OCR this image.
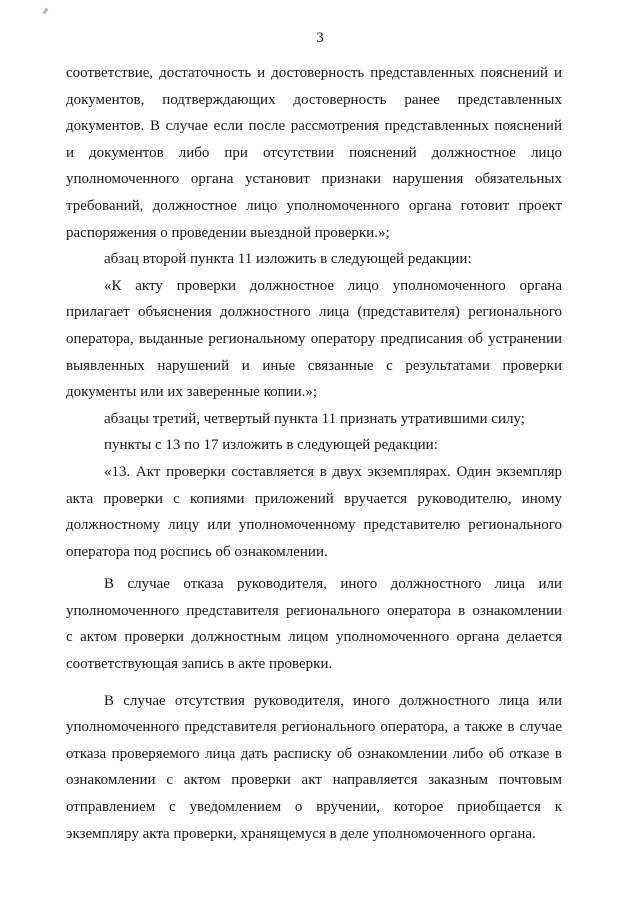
3
соответствие, достаточность и достоверность представленных пояснений и
документов, подтверждающих достоверность ранее представленных
документов. В случае если после рассмотрения представленных пояснений
и документов либо при отсутствии пояснений должностное лицо
уполномоченного органа установит признаки нарушения обязательных
требований, должностное лицо уполномоченного органа готовит проект
распоряжения о проведении выездной проверки.»;
абзац второй пункта 11 изложить в следующей редакции:
«К акту проверки должностное лицо уполномоченного органа
прилагает объяснения должностного лица (представителя) регионального
оператора, выданные региональному оператору предписания об устранении
выявленных нарушений и иные связанные с результатами проверки
документы или их заверенные копии.»;
абзацы третий, четвертый пункта 11 признать утратившими силу;
пункты с 13 по 17 изложить в следующей редакции:
«13. Акт проверки составляется в двух экземплярах. Один экземпляр
акта проверки с копиями приложений вручается руководителю, иному
должностному лицу или уполномоченному представителю регионального
оператора под роспись об ознакомлении.
В случае отказа руководителя, иного должностного лица или
уполномоченного представителя регионального оператора в ознакомлении
с актом проверки должностным лицом уполномоченного органа делается
соответствующая запись в акте проверки.
В случае отсутствия руководителя, иного должностного лица или
уполномоченного представителя регионального оператора, а также в случае
отказа проверяемого лица дать расписку об ознакомлении либо об отказе в
ознакомлении с актом проверки акт направляется заказным почтовым
отправлением с уведомлением о вручении, которое приобщается к
экземпляру акта проверки, хранящемуся в деле уполномоченного органа.
